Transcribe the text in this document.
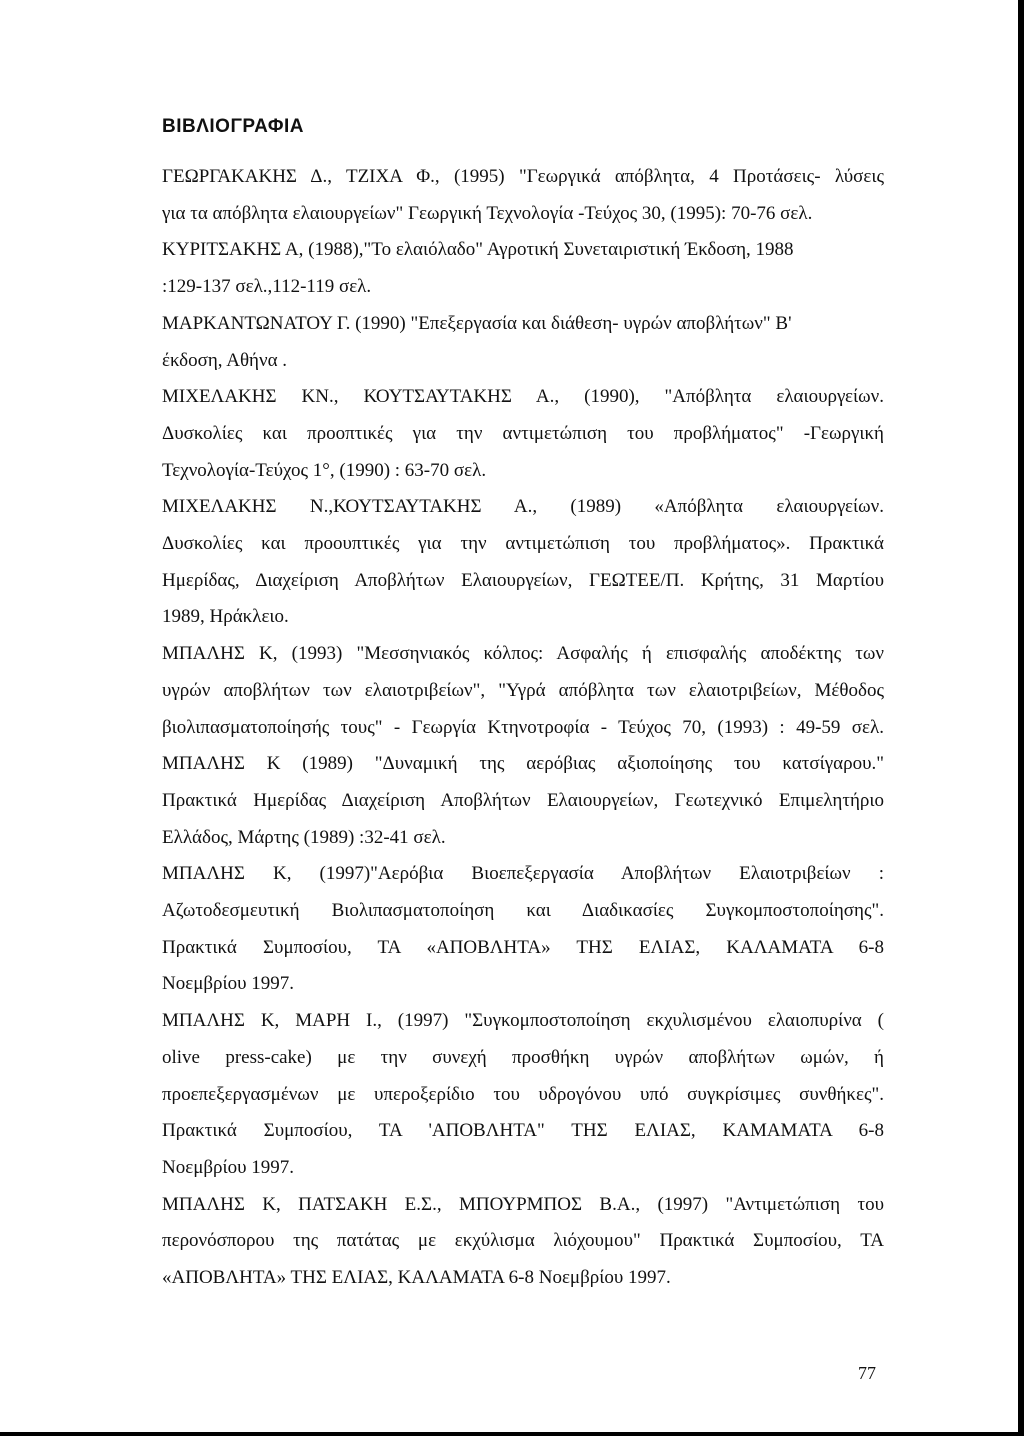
ΒΙΒΛΙΟΓΡΑΦΙΑ
ΓΕΩΡΓΑΚΑΚΗΣ Δ., ΤΖΙΧΑ Φ., (1995) "Γεωργικά απόβλητα, 4 Προτάσεις- λύσεις
για τα απόβλητα ελαιουργείων" Γεωργική Τεχνολογία -Τεύχος 30, (1995): 70-76 σελ.
ΚΥΡΙΤΣΑΚΗΣ Α, (1988),"Το ελαιόλαδο" Αγροτική Συνεταιριστική Έκδοση, 1988
:129-137 σελ.,112-119 σελ.
ΜΑΡΚΑΝΤΩΝΑΤΟΥ Γ. (1990) "Επεξεργασία και διάθεση- υγρών αποβλήτων" Β'
έκδοση, Αθήνα .
ΜΙΧΕΛΑΚΗΣ ΚΝ., ΚΟΥΤΣΑΥΤΑΚΗΣ Α., (1990), "Απόβλητα ελαιουργείων.
Δυσκολίες και προοπτικές για την αντιμετώπιση του προβλήματος" -Γεωργική
Τεχνολογία-Τεύχος 1°, (1990) : 63-70 σελ.
ΜΙΧΕΛΑΚΗΣ Ν.,ΚΟΥΤΣΑΥΤΑΚΗΣ Α., (1989) «Απόβλητα ελαιουργείων.
Δυσκολίες και προουπτικές για την αντιμετώπιση του προβλήματος». Πρακτικά
Ημερίδας, Διαχείριση Αποβλήτων Ελαιουργείων, ΓΕΩΤΕΕ/Π. Κρήτης, 31 Μαρτίου
1989, Ηράκλειο.
ΜΠΑΛΗΣ Κ, (1993) "Μεσσηνιακός κόλπος: Ασφαλής ή επισφαλής αποδέκτης των
υγρών αποβλήτων των ελαιοτριβείων", "Υγρά απόβλητα των ελαιοτριβείων, Μέθοδος
βιολιπασματοποίησής τους" - Γεωργία Κτηνοτροφία - Τεύχος 70, (1993) : 49-59 σελ.
ΜΠΑΛΗΣ Κ (1989) "Δυναμική της αερόβιας αξιοποίησης του κατσίγαρου."
Πρακτικά Ημερίδας Διαχείριση Αποβλήτων Ελαιουργείων, Γεωτεχνικό Επιμελητήριο
Ελλάδος, Μάρτης (1989) :32-41 σελ.
ΜΠΑΛΗΣ Κ, (1997)"Αερόβια Βιοεπεξεργασία Αποβλήτων Ελαιοτριβείων :
Αζωτοδεσμευτική Βιολιπασματοποίηση και Διαδικασίες Συγκομποστοποίησης".
Πρακτικά Συμποσίου, ΤΑ «ΑΠΟΒΛΗΤΑ» ΤΗΣ ΕΛΙΑΣ, ΚΑΛΑΜΑΤΑ 6-8
Νοεμβρίου 1997.
ΜΠΑΛΗΣ Κ, ΜΑΡΗ Ι., (1997) "Συγκομποστοποίηση εκχυλισμένου ελαιοπυρίνα (
olive press-cake) με την συνεχή προσθήκη υγρών αποβλήτων ωμών, ή
προεπεξεργασμένων με υπεροξερίδιο του υδρογόνου υπό συγκρίσιμες συνθήκες".
Πρακτικά Συμποσίου, ΤΑ 'ΑΠΟΒΛΗΤΑ" ΤΗΣ ΕΛΙΑΣ, ΚΑΜΑΜΑΤΑ 6-8
Νοεμβρίου 1997.
ΜΠΑΛΗΣ Κ, ΠΑΤΣΑΚΗ Ε.Σ., ΜΠΟΥΡΜΠΟΣ Β.Α., (1997) "Αντιμετώπιση του
περονόσπορου της πατάτας με εκχύλισμα λιόχουμου" Πρακτικά Συμποσίου, ΤΑ
«ΑΠΟΒΛΗΤΑ» ΤΗΣ ΕΛΙΑΣ, ΚΑΛΑΜΑΤΑ 6-8 Νοεμβρίου 1997.
77
